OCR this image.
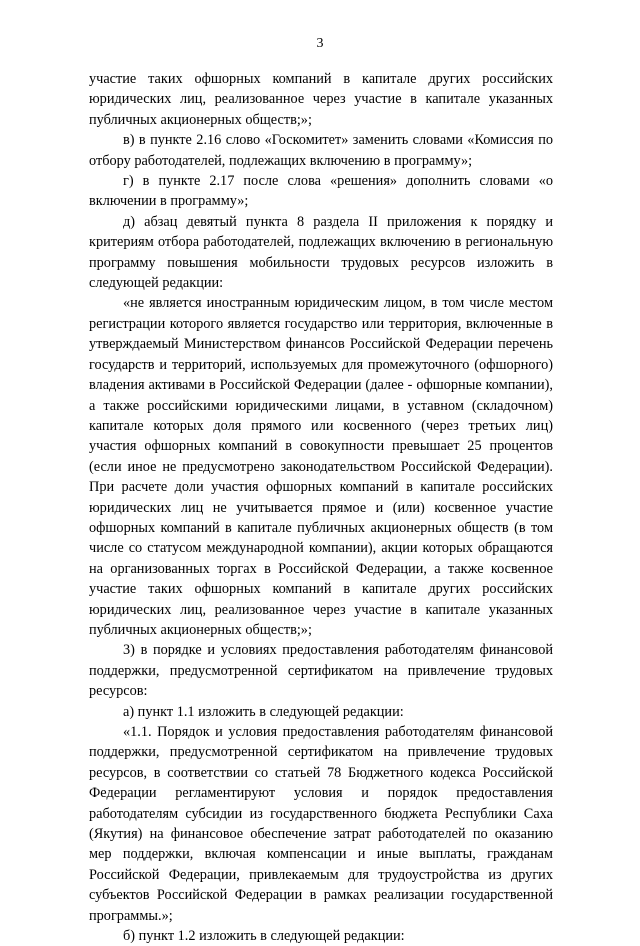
3

участие таких офшорных компаний в капитале других российских юридических лиц, реализованное через участие в капитале указанных публичных акционерных обществ;»;

в) в пункте 2.16 слово «Госкомитет» заменить словами «Комиссия по отбору работодателей, подлежащих включению в программу»;

г) в пункте 2.17 после слова «решения» дополнить словами «о включении в программу»;

д) абзац девятый пункта 8 раздела II приложения к порядку и критериям отбора работодателей, подлежащих включению в региональную программу повышения мобильности трудовых ресурсов изложить в следующей редакции:

«не является иностранным юридическим лицом, в том числе местом регистрации которого является государство или территория, включенные в утверждаемый Министерством финансов Российской Федерации перечень государств и территорий, используемых для промежуточного (офшорного) владения активами в Российской Федерации (далее - офшорные компании), а также российскими юридическими лицами, в уставном (складочном) капитале которых доля прямого или косвенного (через третьих лиц) участия офшорных компаний в совокупности превышает 25 процентов (если иное не предусмотрено законодательством Российской Федерации). При расчете доли участия офшорных компаний в капитале российских юридических лиц не учитывается прямое и (или) косвенное участие офшорных компаний в капитале публичных акционерных обществ (в том числе со статусом международной компании), акции которых обращаются на организованных торгах в Российской Федерации, а также косвенное участие таких офшорных компаний в капитале других российских юридических лиц, реализованное через участие в капитале указанных публичных акционерных обществ;»;

3) в порядке и условиях предоставления работодателям финансовой поддержки, предусмотренной сертификатом на привлечение трудовых ресурсов:

а) пункт 1.1 изложить в следующей редакции:

«1.1. Порядок и условия предоставления работодателям финансовой поддержки, предусмотренной сертификатом на привлечение трудовых ресурсов, в соответствии со статьей 78 Бюджетного кодекса Российской Федерации регламентируют условия и порядок предоставления работодателям субсидии из государственного бюджета Республики Саха (Якутия) на финансовое обеспечение затрат работодателей по оказанию мер поддержки, включая компенсации и иные выплаты, гражданам Российской Федерации, привлекаемым для трудоустройства из других субъектов Российской Федерации в рамках реализации государственной программы.»;

б) пункт 1.2 изложить в следующей редакции:
